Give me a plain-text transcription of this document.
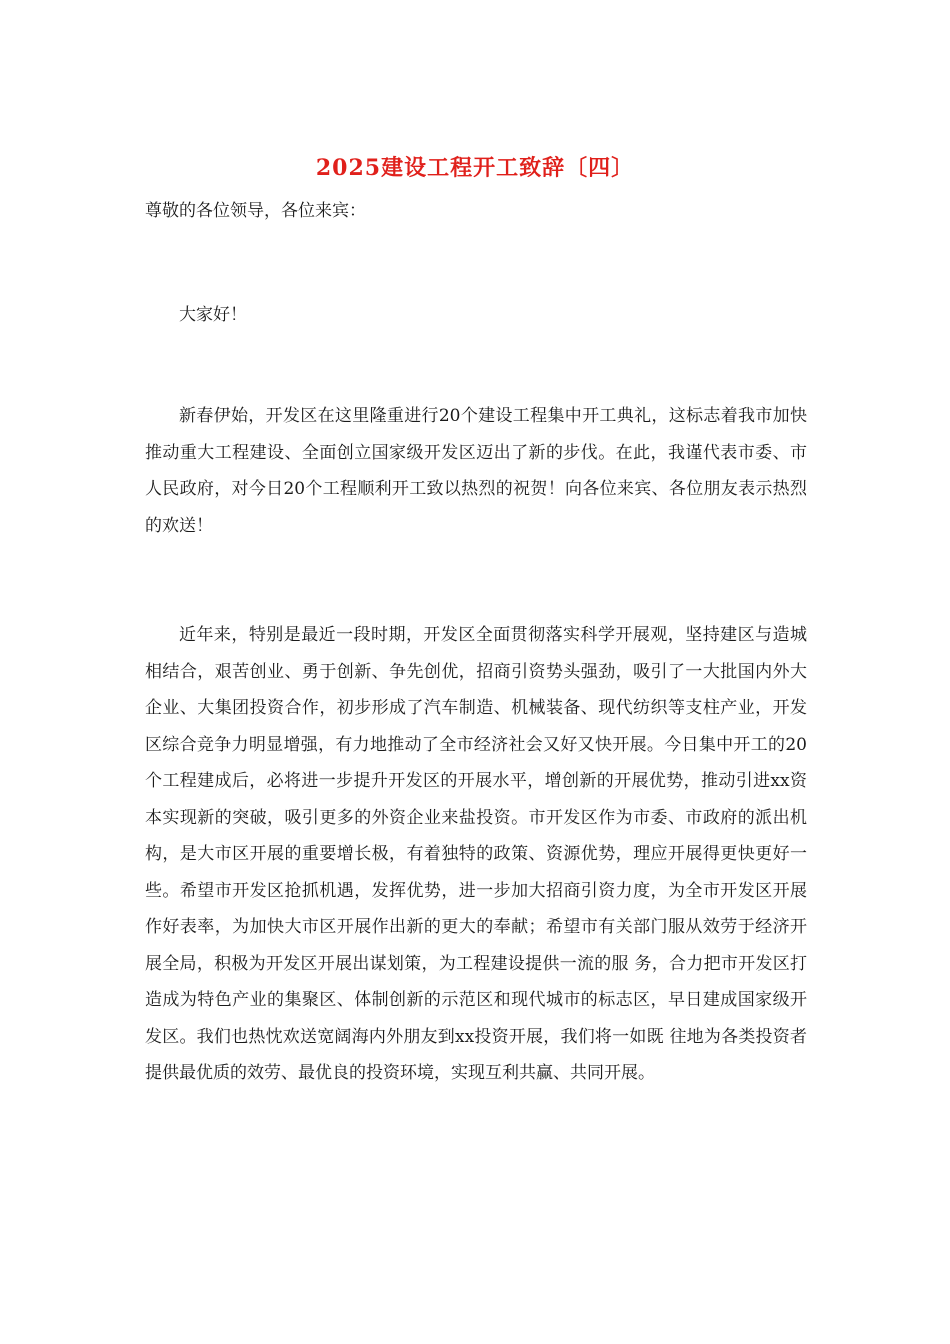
2025建设工程开工致辞〔四〕
尊敬的各位领导，各位来宾：

大家好！

新春伊始，开发区在这里隆重进行20个建设工程集中开工典礼，这标志着我市加快推动重大工程建设、全面创立国家级开发区迈出了新的步伐。在此，我谨代表市委、市人民政府，对今日20个工程顺利开工致以热烈的祝贺！向各位来宾、各位朋友表示热烈的欢送！

近年来，特别是最近一段时期，开发区全面贯彻落实科学开展观，坚持建区与造城相结合，艰苦创业、勇于创新、争先创优，招商引资势头强劲，吸引了一大批国内外大企业、大集团投资合作，初步形成了汽车制造、机械装备、现代纺织等支柱产业，开发区综合竞争力明显增强，有力地推动了全市经济社会又好又快开展。今日集中开工的20个工程建成后，必将进一步提升开发区的开展水平，增创新的开展优势，推动引进xx资本实现新的突破，吸引更多的外资企业来盐投资。市开发区作为市委、市政府的派出机构，是大市区开展的重要增长极，有着独特的政策、资源优势，理应开展得更快更好一些。希望市开发区抢抓机遇，发挥优势，进一步加大招商引资力度，为全市开发区开展作好表率，为加快大市区开展作出新的更大的奉献；希望市有关部门服从效劳于经济开展全局，积极为开发区开展出谋划策，为工程建设提供一流的服 务，合力把市开发区打造成为特色产业的集聚区、体制创新的示范区和现代城市的标志区，早日建成国家级开发区。我们也热忱欢送宽阔海内外朋友到xx投资开展，我们将一如既 往地为各类投资者提供最优质的效劳、最优良的投资环境，实现互利共赢、共同开展。
